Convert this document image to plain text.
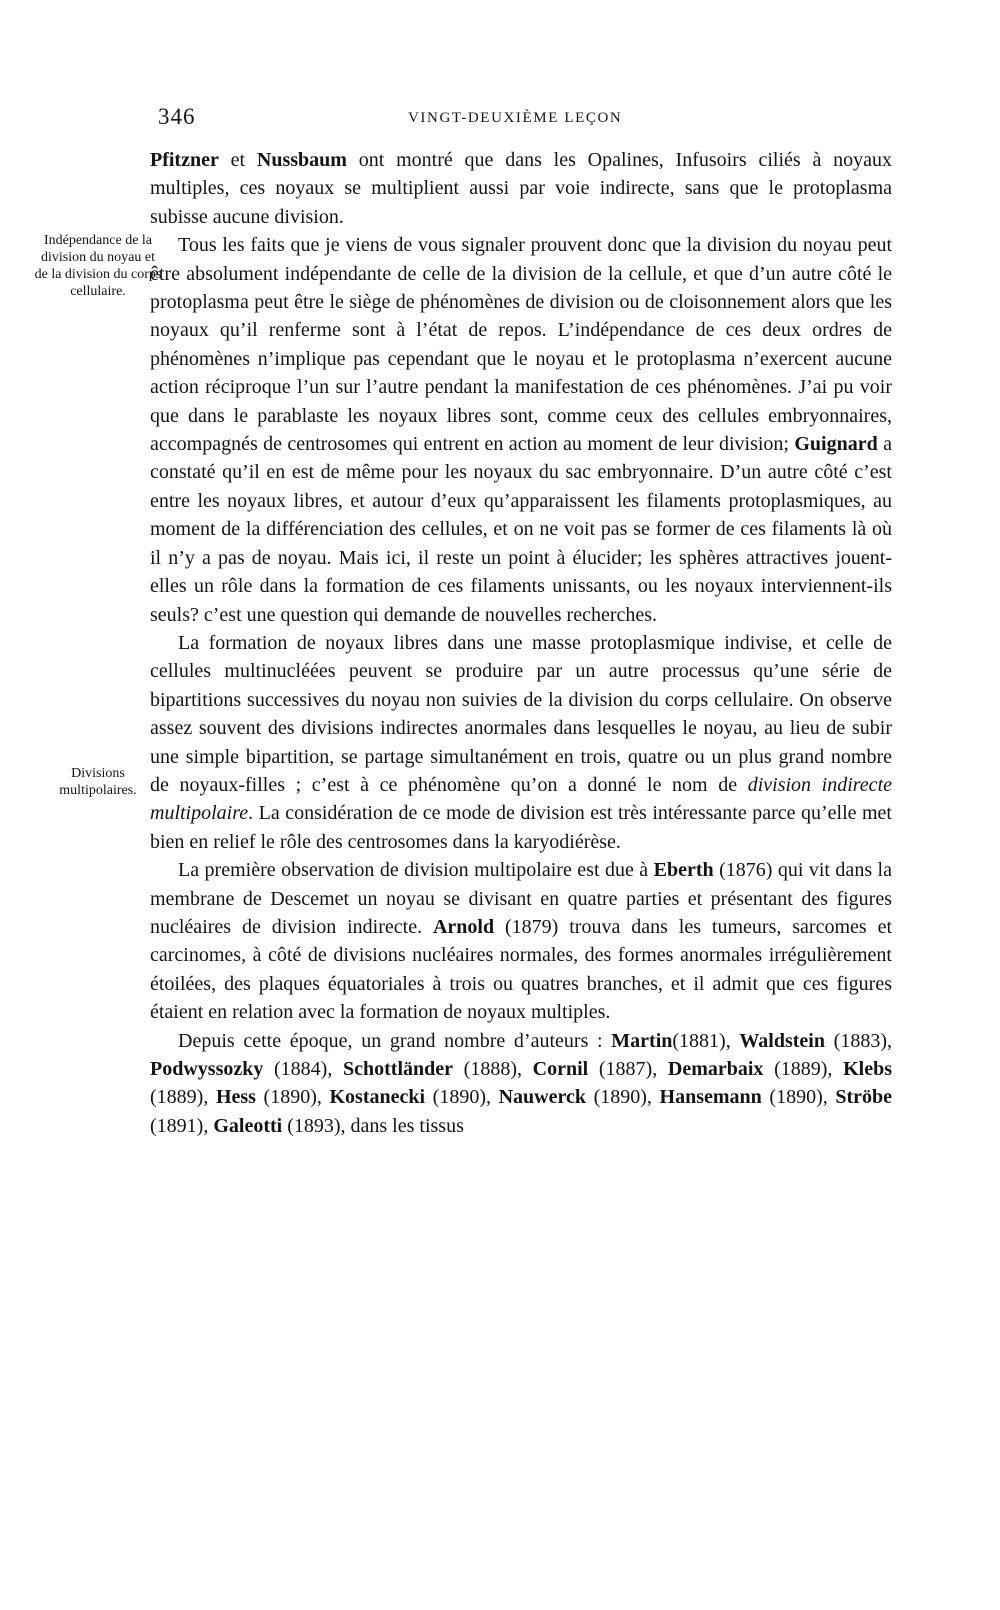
346	VINGT-DEUXIÈME LEÇON
Indépendance de la division du noyau et de la division du corps cellulaire.
Divisions multipolaires.

Pfitzner et Nussbaum ont montré que dans les Opalines, Infusoirs ciliés à noyaux multiples, ces noyaux se multiplient aussi par voie indirecte, sans que le protoplasma subisse aucune division.

Tous les faits que je viens de vous signaler prouvent donc que la division du noyau peut être absolument indépendante de celle de la division de la cellule, et que d’un autre côté le protoplasma peut être le siège de phénomènes de division ou de cloisonnement alors que les noyaux qu’il renferme sont à l’état de repos. L’indépendance de ces deux ordres de phénomènes n’implique pas cependant que le noyau et le protoplasma n’exercent aucune action réciproque l’un sur l’autre pendant la manifestation de ces phénomènes. J’ai pu voir que dans le parablaste les noyaux libres sont, comme ceux des cellules embryonnaires, accompagnés de centrosomes qui entrent en action au moment de leur division; Guignard a constaté qu’il en est de même pour les noyaux du sac embryonnaire. D’un autre côté c’est entre les noyaux libres, et autour d’eux qu’apparaissent les filaments protoplasmiques, au moment de la différenciation des cellules, et on ne voit pas se former de ces filaments là où il n’y a pas de noyau. Mais ici, il reste un point à élucider; les sphères attractives jouent-elles un rôle dans la formation de ces filaments unissants, ou les noyaux interviennent-ils seuls? c’est une question qui demande de nouvelles recherches.

La formation de noyaux libres dans une masse protoplasmique indivise, et celle de cellules multinucléées peuvent se produire par un autre processus qu’une série de bipartitions successives du noyau non suivies de la division du corps cellulaire. On observe assez souvent des divisions indirectes anormales dans lesquelles le noyau, au lieu de subir une simple bipartition, se partage simultanément en trois, quatre ou un plus grand nombre de noyaux-filles ; c’est à ce phénomène qu’on a donné le nom de division indirecte multipolaire. La considération de ce mode de division est très intéressante parce qu’elle met bien en relief le rôle des centrosomes dans la karyodiérèse.

La première observation de division multipolaire est due à Eberth (1876) qui vit dans la membrane de Descemet un noyau se divisant en quatre parties et présentant des figures nucléaires de division indirecte. Arnold (1879) trouva dans les tumeurs, sarcomes et carcinomes, à côté de divisions nucléaires normales, des formes anormales irrégulièrement étoilées, des plaques équatoriales à trois ou quatres branches, et il admit que ces figures étaient en relation avec la formation de noyaux multiples.

Depuis cette époque, un grand nombre d’auteurs : Martin(1881), Waldstein (1883), Podwyssozky (1884), Schottländer (1888), Cornil (1887), Demarbaix (1889), Klebs (1889), Hess (1890), Kostanecki (1890), Nauwerck (1890), Hansemann (1890), Ströbe (1891), Galeotti (1893), dans les tissus
